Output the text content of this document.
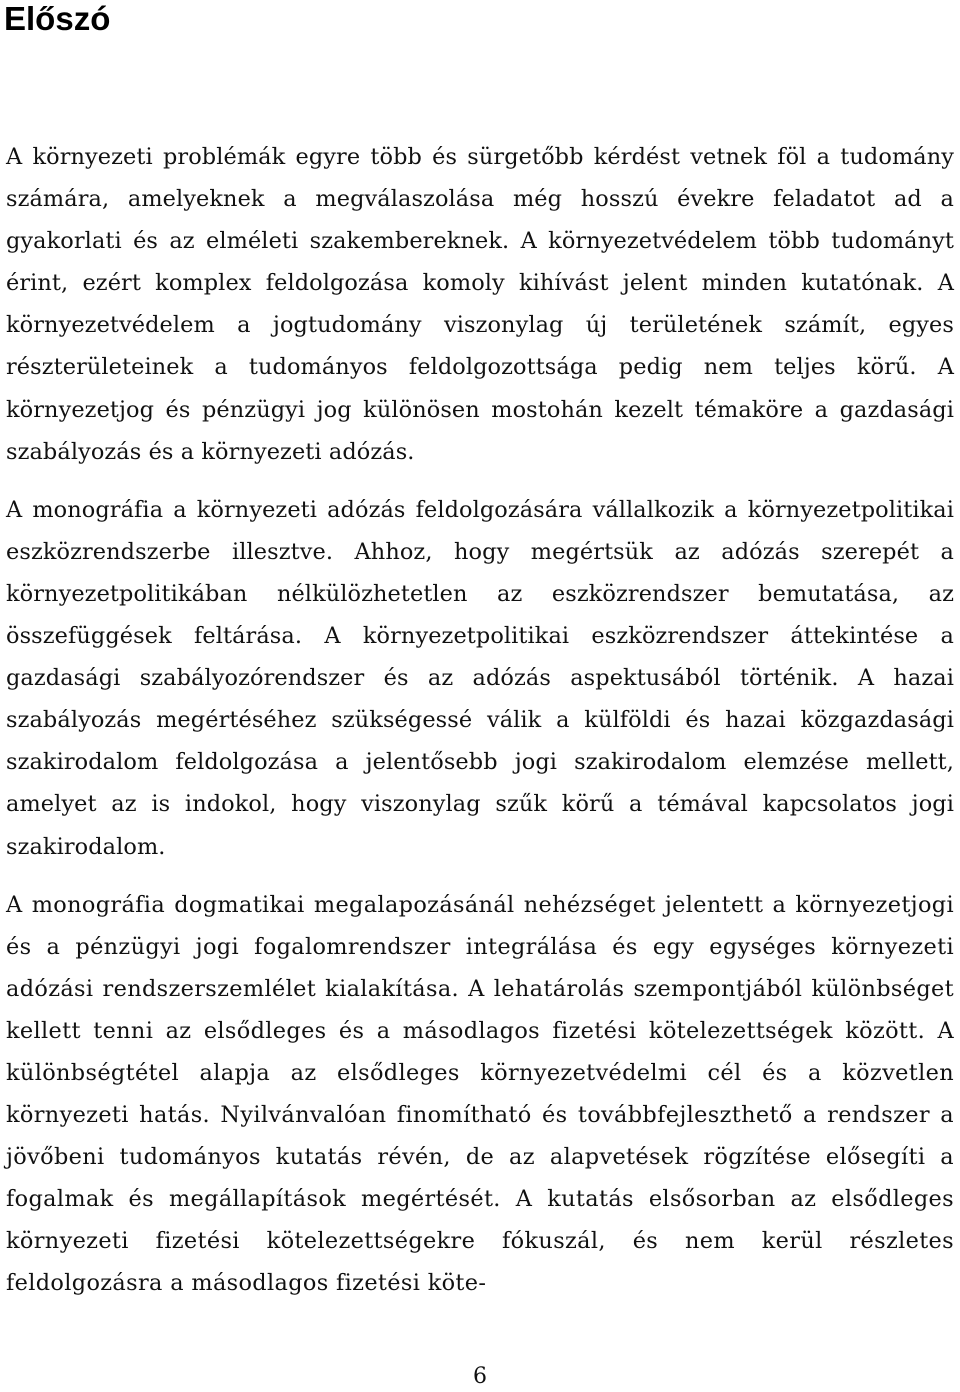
Előszó

A környezeti problémák egyre több és sürgetőbb kérdést vetnek föl a tudomány számára, amelyeknek a megválaszolása még hosszú évekre feladatot ad a gyakorlati és az elméleti szakembereknek. A környezetvédelem több tudományt érint, ezért komplex feldolgozása komoly kihívást jelent minden kutatónak. A környezetvédelem a jogtudomány viszonylag új területének számít, egyes részterületeinek a tudományos feldolgozottsága pedig nem teljes körű. A környezetjog és pénzügyi jog különösen mostohán kezelt témaköre a gazdasági szabályozás és a környezeti adózás.

A monográfia a környezeti adózás feldolgozására vállalkozik a környezetpolitikai eszközrendszerbe illesztve. Ahhoz, hogy megértsük az adózás szerepét a környezetpolitikában nélkülözhetetlen az eszközrendszer bemutatása, az összefüggések feltárása. A környezetpolitikai eszközrendszer áttekintése a gazdasági szabályozórendszer és az adózás aspektusából történik. A hazai szabályozás megértéséhez szükségessé válik a külföldi és hazai közgazdasági szakirodalom feldolgozása a jelentősebb jogi szakirodalom elemzése mellett, amelyet az is indokol, hogy viszonylag szűk körű a témával kapcsolatos jogi szakirodalom.

A monográfia dogmatikai megalapozásánál nehézséget jelentett a környezetjogi és a pénzügyi jogi fogalomrendszer integrálása és egy egységes környezeti adózási rendszerszemlélet kialakítása. A lehatárolás szempontjából különbséget kellett tenni az elsődleges és a másodlagos fizetési kötelezettségek között. A különbségtétel alapja az elsődleges környezetvédelmi cél és a közvetlen környezeti hatás. Nyilvánvalóan finomítható és továbbfejleszthető a rendszer a jövőbeni tudományos kutatás révén, de az alapvetések rögzítése elősegíti a fogalmak és megállapítások megértését. A kutatás elsősorban az elsődleges környezeti fizetési kötelezettségekre fókuszál, és nem kerül részletes feldolgozásra a másodlagos fizetési köte-

6
